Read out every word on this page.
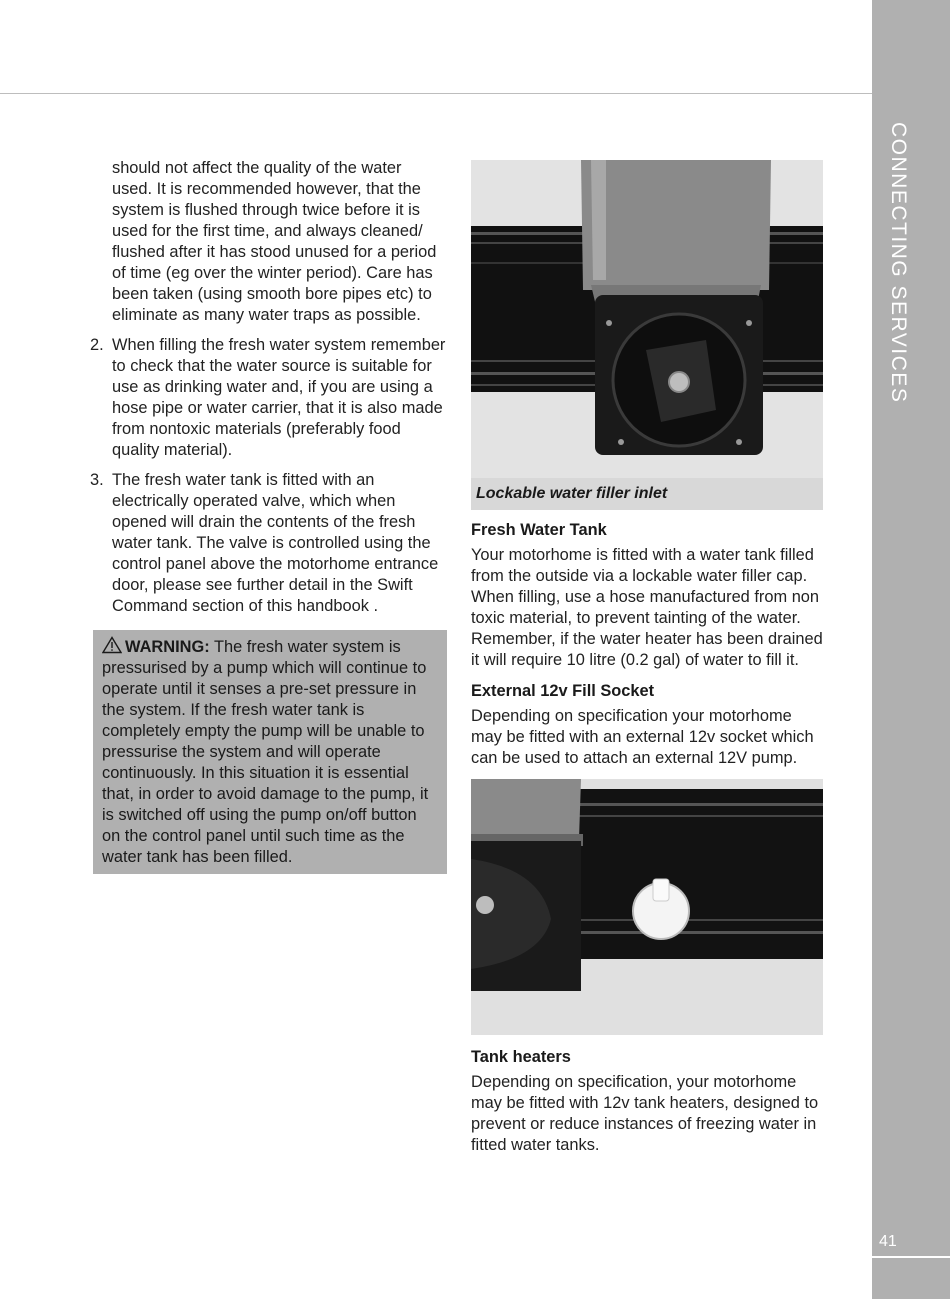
CONNECTING SERVICES
41

should not affect the quality of the water used. It is recommended however, that the system is flushed through twice before it is used for the first time, and always cleaned/ flushed after it has stood unused for a period of time (eg over the winter period). Care has been taken (using smooth bore pipes etc) to eliminate as many water traps as possible.

2. When filling the fresh water system remember to check that the water source is suitable for use as drinking water and, if you are using a hose pipe or water carrier, that it is also made from nontoxic materials (preferably food quality material).
3. The fresh water tank is fitted with an electrically operated valve, which when opened will drain the contents of the fresh water tank. The valve is controlled using the control panel above the motorhome entrance door, please see further detail in the Swift Command section of this handbook .
WARNING: The fresh water system is pressurised by a pump which will continue to operate until it senses a pre-set pressure in the system. If the fresh water tank is completely empty the pump will be unable to pressurise the system and will operate continuously. In this situation it is essential that, in order to avoid damage to the pump, it is switched off using the pump on/off button on the control panel until such time as the water tank has been filled.
Lockable water filler inlet
Fresh Water Tank

Your motorhome is fitted with a water tank filled from the outside via a lockable water filler cap. When filling, use a hose manufactured from non toxic material, to prevent tainting of the water. Remember, if the water heater has been drained it will require 10 litre (0.2 gal) of water to fill it.

External 12v Fill Socket

Depending on specification your motorhome may be fitted with an external 12v socket which can be used to attach an external 12V pump.

Tank heaters

Depending on specification, your motorhome may be fitted with 12v tank heaters, designed to prevent or reduce instances of freezing water in fitted water tanks.
